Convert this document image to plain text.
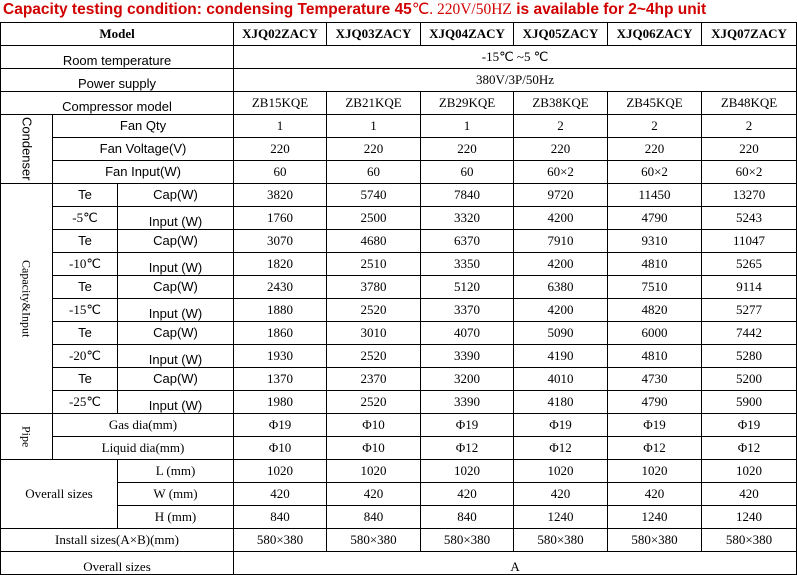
Capacity testing condition: condensing Temperature 45℃. 220V/50HZ is available for 2~4hp unit
Model			XJQ02ZACY	XJQ03ZACY	XJQ04ZACY	XJQ05ZACY	XJQ06ZACY	XJQ07ZACY
Room temperature			-15℃ ~5 ℃					
Power supply			380V/3P/50Hz					
Compressor model			ZB15KQE	ZB21KQE	ZB29KQE	ZB38KQE	ZB45KQE	ZB48KQE

Condenser	Fan Qty		1	1	1	2	2	2
	Fan Voltage(V)		220	220	220	220	220	220
	Fan Input(W)		60	60	60	60×2	60×2	60×2

Capacity&Input	Te	Cap(W)	3820	5740	7840	9720	11450	13270
	-5℃	Input (W)	1760	2500	3320	4200	4790	5243
	Te	Cap(W)	3070	4680	6370	7910	9310	11047
	-10℃	Input (W)	1820	2510	3350	4200	4810	5265
	Te	Cap(W)	2430	3780	5120	6380	7510	9114
	-15℃	Input (W)	1880	2520	3370	4200	4820	5277
	Te	Cap(W)	1860	3010	4070	5090	6000	7442
	-20℃	Input (W)	1930	2520	3390	4190	4810	5280
	Te	Cap(W)	1370	2370	3200	4010	4730	5200
	-25℃	Input (W)	1980	2520	3390	4180	4790	5900

Pipe	Gas dia(mm)		Φ19	Φ10	Φ19	Φ19	Φ19	Φ19
	Liquid dia(mm)		Φ10	Φ10	Φ12	Φ12	Φ12	Φ12
Overall sizes		L (mm)	1020	1020	1020	1020	1020	1020
		W (mm)	420	420	420	420	420	420
		H (mm)	840	840	840	1240	1240	1240
Install sizes(A×B)(mm)			580×380	580×380	580×380	580×380	580×380	580×380
Overall sizes			A					
